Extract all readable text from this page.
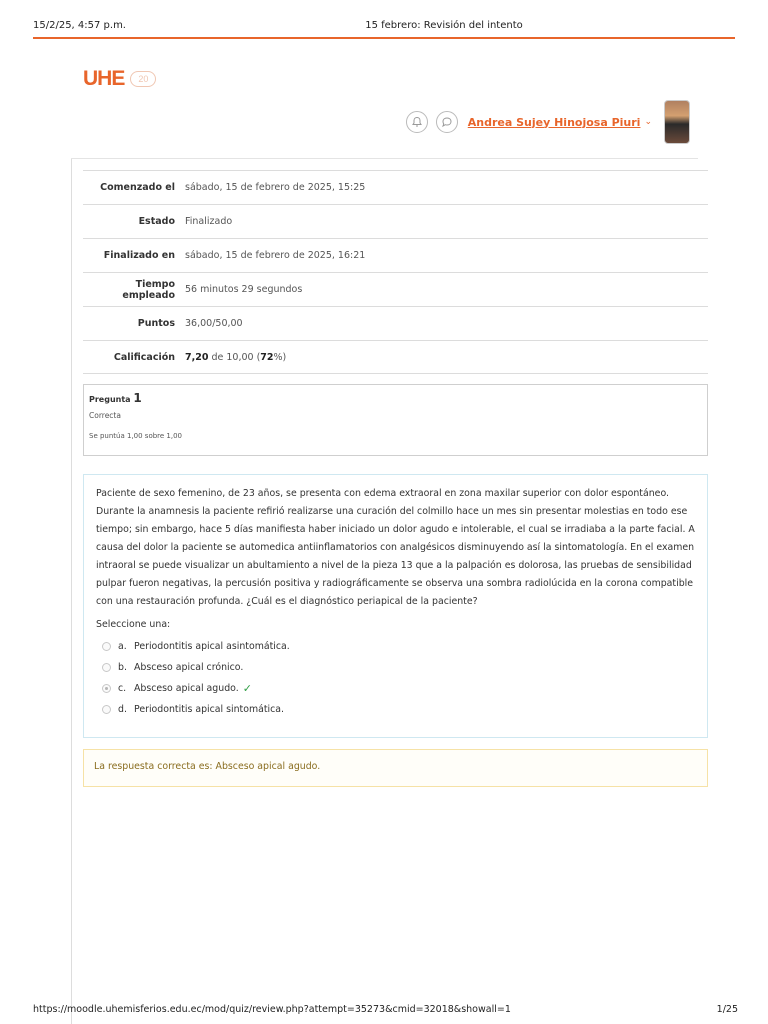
15/2/25, 4:57 p.m.	15 febrero: Revisión del intento
UHE	20
Andrea Sujey Hinojosa Piuri ⌄
Comenzado el	sábado, 15 de febrero de 2025, 15:25
Estado	Finalizado
Finalizado en	sábado, 15 de febrero de 2025, 16:21
Tiempo empleado	56 minutos 29 segundos
Puntos	36,00/50,00
Calificación	7,20 de 10,00 (72%)
Pregunta 1
Correcta
Se puntúa 1,00 sobre 1,00
Paciente de sexo femenino, de 23 años, se presenta con edema extraoral en zona maxilar superior con dolor espontáneo. Durante la anamnesis la paciente refirió realizarse una curación del colmillo hace un mes sin presentar molestias en todo ese tiempo; sin embargo, hace 5 días manifiesta haber iniciado un dolor agudo e intolerable, el cual se irradiaba a la parte facial. A causa del dolor la paciente se automedica antiinflamatorios con analgésicos disminuyendo así la sintomatología. En el examen intraoral se puede visualizar un abultamiento a nivel de la pieza 13 que a la palpación es dolorosa, las pruebas de sensibilidad pulpar fueron negativas, la percusión positiva y radiográficamente se observa una sombra radiolúcida en la corona compatible con una restauración profunda. ¿Cuál es el diagnóstico periapical de la paciente?
Seleccione una:
a. Periodontitis apical asintomática.
b. Absceso apical crónico.
c. Absceso apical agudo. ✓
d. Periodontitis apical sintomática.
La respuesta correcta es: Absceso apical agudo.
https://moodle.uhemisferios.edu.ec/mod/quiz/review.php?attempt=35273&cmid=32018&showall=1	1/25
